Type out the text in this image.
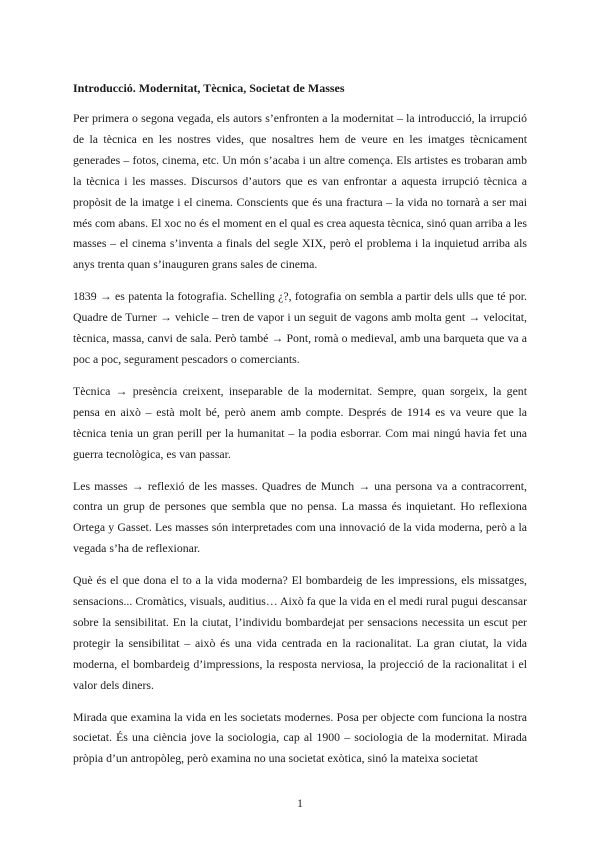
Introducció. Modernitat, Tècnica, Societat de Masses

Per primera o segona vegada, els autors s’enfronten a la modernitat – la introducció, la irrupció de la tècnica en les nostres vides, que nosaltres hem de veure en les imatges tècnicament generades – fotos, cinema, etc. Un món s’acaba i un altre comença. Els artistes es trobaran amb la tècnica i les masses. Discursos d’autors que es van enfrontar a aquesta irrupció tècnica a propòsit de la imatge i el cinema. Conscients que és una fractura – la vida no tornarà a ser mai més com abans. El xoc no és el moment en el qual es crea aquesta tècnica, sinó quan arriba a les masses – el cinema s’inventa a finals del segle XIX, però el problema i la inquietud arriba als anys trenta quan s’inauguren grans sales de cinema.

1839 → es patenta la fotografia. Schelling ¿?, fotografia on sembla a partir dels ulls que té por. Quadre de Turner → vehicle – tren de vapor i un seguit de vagons amb molta gent → velocitat, tècnica, massa, canvi de sala. Però també → Pont, romà o medieval, amb una barqueta que va a poc a poc, segurament pescadors o comerciants.

Tècnica → presència creixent, inseparable de la modernitat. Sempre, quan sorgeix, la gent pensa en això – està molt bé, però anem amb compte. Després de 1914 es va veure que la tècnica tenia un gran perill per la humanitat – la podia esborrar. Com mai ningú havia fet una guerra tecnològica, es van passar.

Les masses → reflexió de les masses. Quadres de Munch → una persona va a contracorrent, contra un grup de persones que sembla que no pensa. La massa és inquietant. Ho reflexiona Ortega y Gasset. Les masses són interpretades com una innovació de la vida moderna, però a la vegada s’ha de reflexionar.

Què és el que dona el to a la vida moderna? El bombardeig de les impressions, els missatges, sensacions... Cromàtics, visuals, auditius… Això fa que la vida en el medi rural pugui descansar sobre la sensibilitat. En la ciutat, l’individu bombardejat per sensacions necessita un escut per protegir la sensibilitat – això és una vida centrada en la racionalitat. La gran ciutat, la vida moderna, el bombardeig d’impressions, la resposta nerviosa, la projecció de la racionalitat i el valor dels diners.

Mirada que examina la vida en les societats modernes. Posa per objecte com funciona la nostra societat. És una ciència jove la sociologia, cap al 1900 – sociologia de la modernitat. Mirada pròpia d’un antropòleg, però examina no una societat exòtica, sinó la mateixa societat

1
